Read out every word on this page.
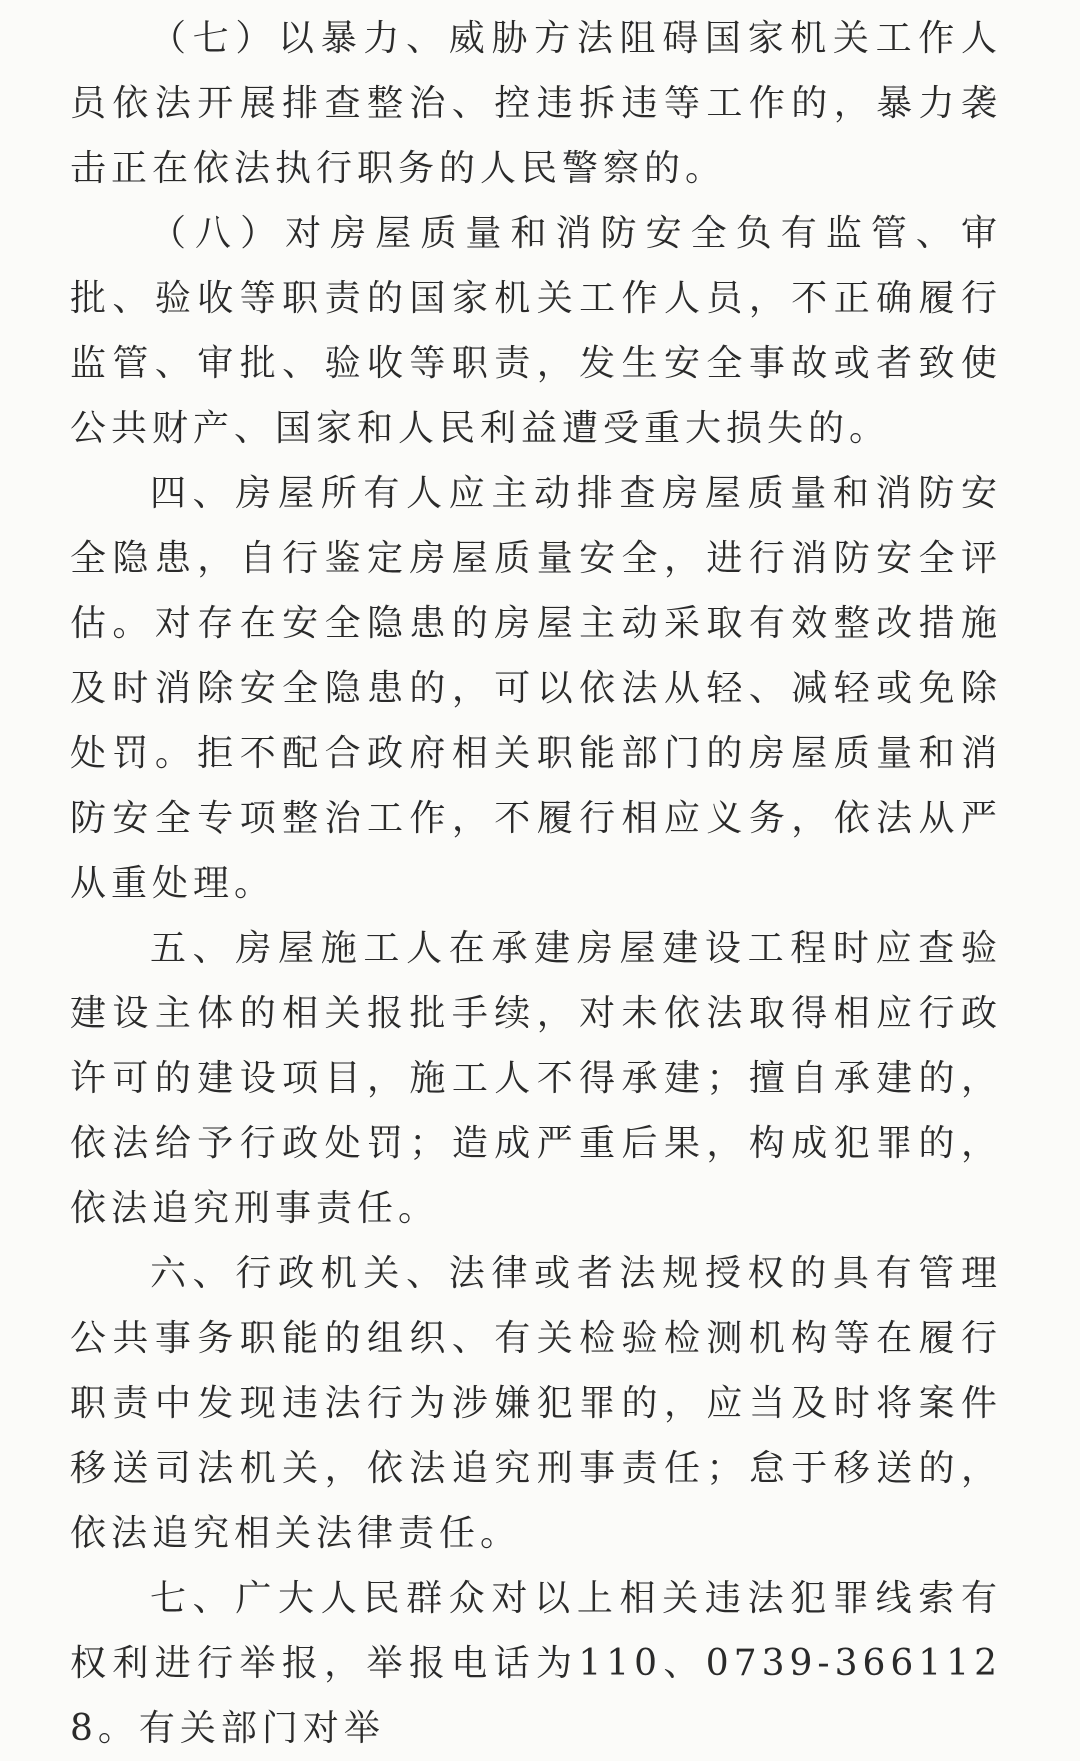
（七）以暴力、威胁方法阻碍国家机关工作人员依法开展排查整治、控违拆违等工作的，暴力袭击正在依法执行职务的人民警察的。

（八）对房屋质量和消防安全负有监管、审批、验收等职责的国家机关工作人员，不正确履行监管、审批、验收等职责，发生安全事故或者致使公共财产、国家和人民利益遭受重大损失的。

四、房屋所有人应主动排查房屋质量和消防安全隐患，自行鉴定房屋质量安全，进行消防安全评估。对存在安全隐患的房屋主动采取有效整改措施及时消除安全隐患的，可以依法从轻、减轻或免除处罚。拒不配合政府相关职能部门的房屋质量和消防安全专项整治工作，不履行相应义务，依法从严从重处理。

五、房屋施工人在承建房屋建设工程时应查验建设主体的相关报批手续，对未依法取得相应行政许可的建设项目，施工人不得承建；擅自承建的，依法给予行政处罚；造成严重后果，构成犯罪的，依法追究刑事责任。

六、行政机关、法律或者法规授权的具有管理公共事务职能的组织、有关检验检测机构等在履行职责中发现违法行为涉嫌犯罪的，应当及时将案件移送司法机关，依法追究刑事责任；怠于移送的，依法追究相关法律责任。

七、广大人民群众对以上相关违法犯罪线索有权利进行举报，举报电话为110、0739-3661128。有关部门对举
